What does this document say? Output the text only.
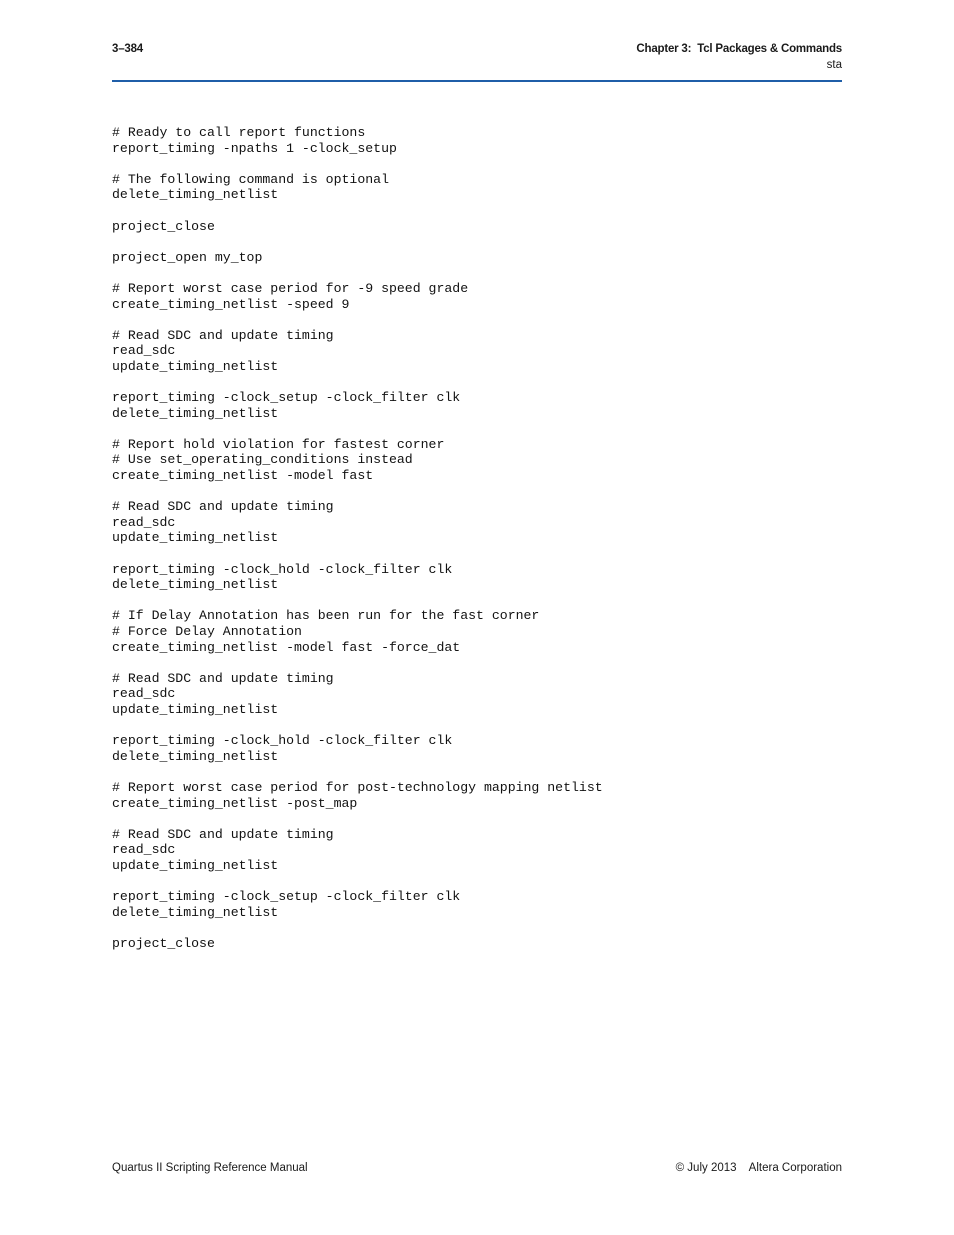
3–384	Chapter 3:  Tcl Packages & Commands
sta
# Ready to call report functions
report_timing -npaths 1 -clock_setup

# The following command is optional
delete_timing_netlist

project_close

project_open my_top

# Report worst case period for -9 speed grade
create_timing_netlist -speed 9

# Read SDC and update timing
read_sdc
update_timing_netlist

report_timing -clock_setup -clock_filter clk
delete_timing_netlist

# Report hold violation for fastest corner
# Use set_operating_conditions instead
create_timing_netlist -model fast

# Read SDC and update timing
read_sdc
update_timing_netlist

report_timing -clock_hold -clock_filter clk
delete_timing_netlist

# If Delay Annotation has been run for the fast corner
# Force Delay Annotation
create_timing_netlist -model fast -force_dat

# Read SDC and update timing
read_sdc
update_timing_netlist

report_timing -clock_hold -clock_filter clk
delete_timing_netlist

# Report worst case period for post-technology mapping netlist
create_timing_netlist -post_map

# Read SDC and update timing
read_sdc
update_timing_netlist

report_timing -clock_setup -clock_filter clk
delete_timing_netlist

project_close
Quartus II Scripting Reference Manual	© July 2013    Altera Corporation
